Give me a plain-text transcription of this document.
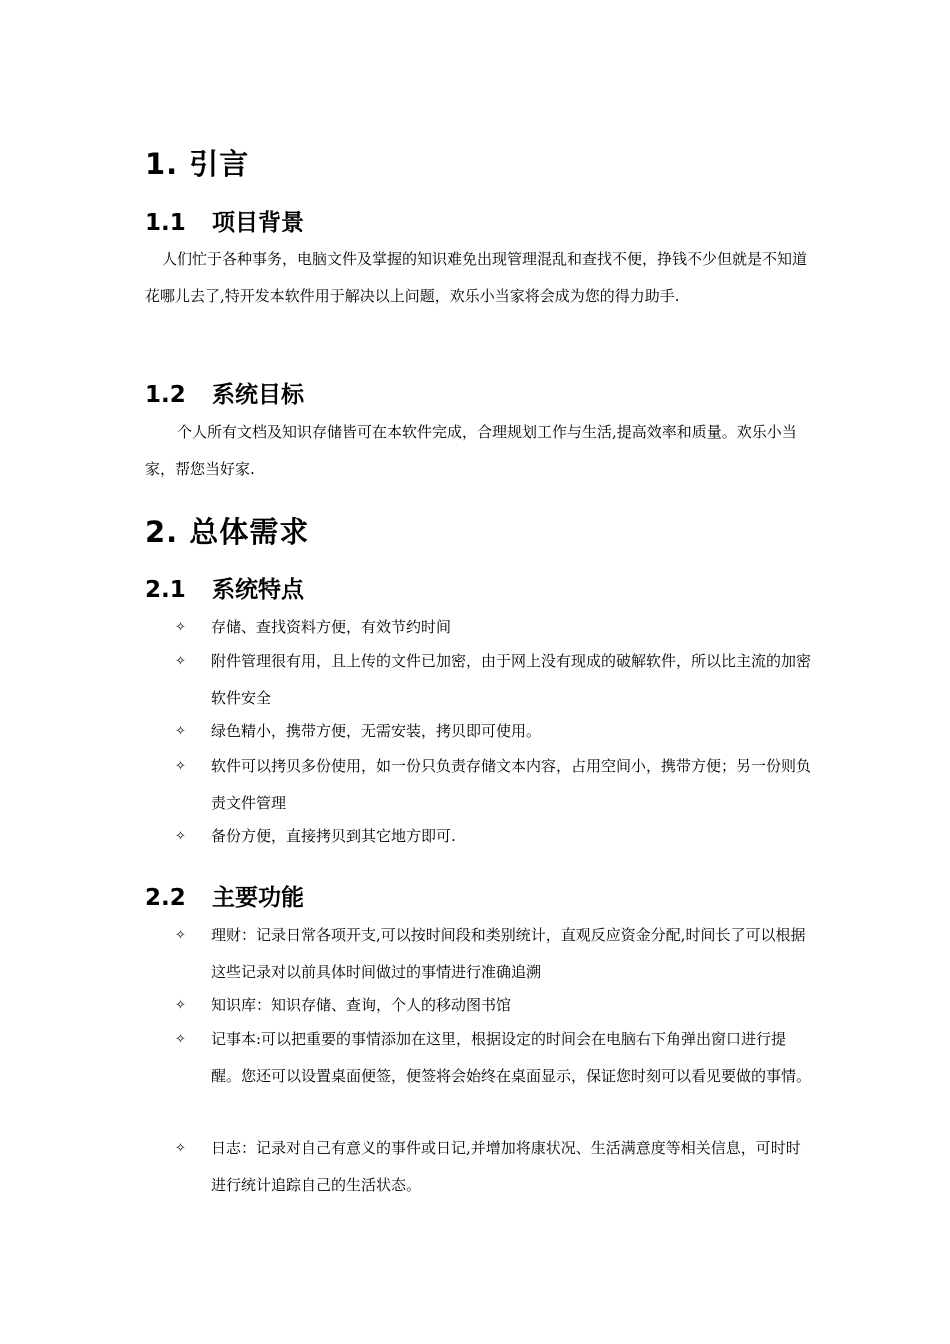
1. 引言
1.1 项目背景

人们忙于各种事务，电脑文件及掌握的知识难免出现管理混乱和查找不便，挣钱不少但就是不知道花哪儿去了,特开发本软件用于解决以上问题，欢乐小当家将会成为您的得力助手.

1.2 系统目标

个人所有文档及知识存储皆可在本软件完成，合理规划工作与生活,提高效率和质量。欢乐小当家，帮您当好家.

2. 总体需求
2.1 系统特点
✧	存储、查找资料方便，有效节约时间
✧	附件管理很有用，且上传的文件已加密，由于网上没有现成的破解软件，所以比主流的加密软件安全
✧	绿色精小，携带方便，无需安装，拷贝即可使用。
✧	软件可以拷贝多份使用，如一份只负责存储文本内容，占用空间小，携带方便；另一份则负责文件管理
✧	备份方便，直接拷贝到其它地方即可.
2.2 主要功能
✧	理财：记录日常各项开支,可以按时间段和类别统计，直观反应资金分配,时间长了可以根据这些记录对以前具体时间做过的事情进行准确追溯
✧	知识库：知识存储、查询，个人的移动图书馆
✧	记事本:可以把重要的事情添加在这里，根据设定的时间会在电脑右下角弹出窗口进行提醒。您还可以设置桌面便签，便签将会始终在桌面显示，保证您时刻可以看见要做的事情。
✧	日志：记录对自己有意义的事件或日记,并增加将康状况、生活满意度等相关信息，可时时进行统计追踪自己的生活状态。
